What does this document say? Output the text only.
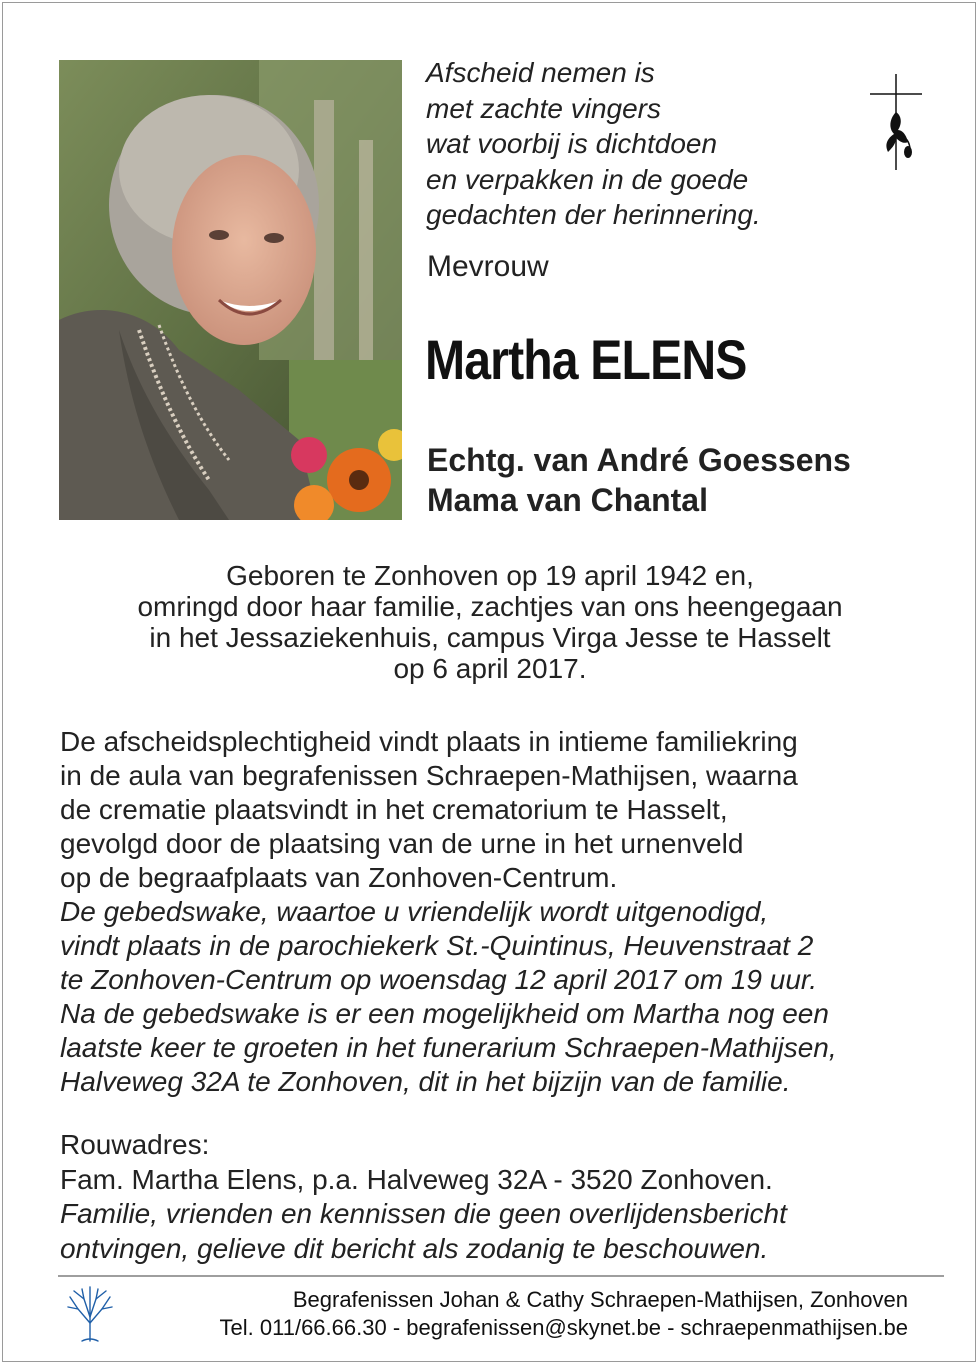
Afscheid nemen is
met zachte vingers
wat voorbij is dichtdoen
en verpakken in de goede
gedachten der herinnering.
Mevrouw
Martha ELENS
Echtg. van André Goessens
Mama van Chantal
Geboren te Zonhoven op 19 april 1942 en,
omringd door haar familie, zachtjes van ons heengegaan
in het Jessaziekenhuis, campus Virga Jesse te Hasselt
op 6 april 2017.
De afscheidsplechtigheid vindt plaats in intieme familiekring
in de aula van begrafenissen Schraepen-Mathijsen, waarna
de crematie plaatsvindt in het crematorium te Hasselt,
gevolgd door de plaatsing van de urne in het urnenveld
op de begraafplaats van Zonhoven-Centrum.
De gebedswake, waartoe u vriendelijk wordt uitgenodigd,
vindt plaats in de parochiekerk St.-Quintinus, Heuvenstraat 2
te Zonhoven-Centrum op woensdag 12 april 2017 om 19 uur.
Na de gebedswake is er een mogelijkheid om Martha nog een
laatste keer te groeten in het funerarium Schraepen-Mathijsen,
Halveweg 32A te Zonhoven, dit in het bijzijn van de familie.
Rouwadres:
Fam. Martha Elens, p.a. Halveweg 32A - 3520 Zonhoven.
Familie, vrienden en kennissen die geen overlijdensbericht
ontvingen, gelieve dit bericht als zodanig te beschouwen.
Begrafenissen Johan & Cathy Schraepen-Mathijsen, Zonhoven
Tel. 011/66.66.30 - begrafenissen@skynet.be - schraepenmathijsen.be
